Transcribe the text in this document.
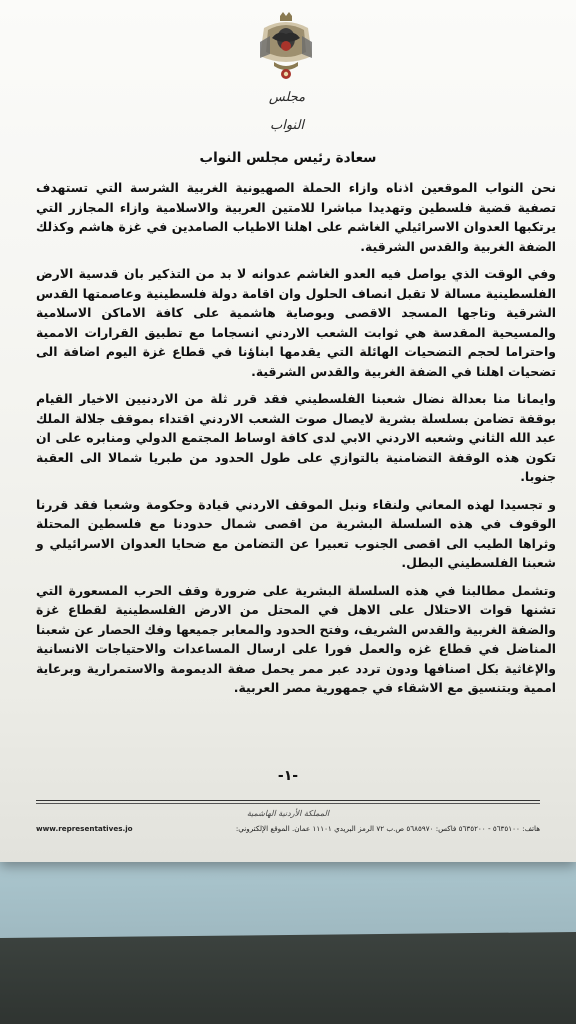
مجلس النواب
سعادة رئيس مجلس النواب

نحن النواب الموقعين اذناه وازاء الحملة الصهيونية الغربية الشرسة التي تستهدف تصفية قضية فلسطين وتهديدا مباشرا للامتين العربية والاسلامية وازاء المجازر التي يرتكبها العدوان الاسرائيلي الغاشم على اهلنا الاطياب الصامدين في غزة هاشم وكذلك الضفة الغربية والقدس الشرقية.

وفي الوقت الذي يواصل فيه العدو الغاشم عدوانه لا بد من التذكير بان قدسية الارض الفلسطينية مسالة لا تقبل انصاف الحلول وان اقامة دولة فلسطينية وعاصمتها القدس الشرقية وتاجها المسجد الاقصى وبوصاية هاشمية على كافة الاماكن الاسلامية والمسيحية المقدسة هي ثوابت الشعب الاردني انسجاما مع تطبيق القرارات الاممية واحتراما لحجم التضحيات الهائلة التي يقدمها ابناؤنا في قطاع غزة اليوم اضافة الى تضحيات اهلنا في الضفة الغربية والقدس الشرقية.

وايمانا منا بعدالة نضال شعبنا الفلسطيني فقد قرر ثلة من الاردنيين الاخيار القيام بوقفة تضامن بسلسلة بشرية لايصال صوت الشعب الاردني اقتداء بموقف جلالة الملك عبد الله الثاني وشعبه الاردني الابي لدى كافة اوساط المجتمع الدولي ومنابره على ان تكون هذه الوقفة التضامنية بالتوازي على طول الحدود من طبريا شمالا الى العقبة جنوبا.

و تجسيدا لهذه المعاني ولنقاء ونبل الموقف الاردني قيادة وحكومة وشعبا فقد قررنا الوقوف في هذه السلسلة البشرية من اقصى شمال حدودنا مع فلسطين المحتلة وثراها الطيب الى اقصى الجنوب تعبيرا عن التضامن مع ضحايا العدوان الاسرائيلي و شعبنا الفلسطيني البطل.

وتشمل مطالبنا في هذه السلسلة البشرية على ضرورة وقف الحرب المسعورة التي تشنها قوات الاحتلال على الاهل في المحتل من الارض الفلسطينية لقطاع غزة والضفة الغربية والقدس الشريف، وفتح الحدود والمعابر جميعها وفك الحصار عن شعبنا المناضل في قطاع غزه والعمل فورا على ارسال المساعدات والاحتياجات الانسانية والإغاثية بكل اصنافها ودون تردد عبر ممر يحمل صفة الديمومة والاستمرارية وبرعاية اممية وبتنسيق مع الاشقاء في جمهورية مصر العربية.

-١-
المملكة الأردنية الهاشمية
هاتف: ٥٦٣٥١٠٠ - ٥٦٣٥٢٠٠ فاكس: ٥٦٨٥٩٧٠ ص.ب ٧٢ الرمز البريدي ١١١٠١ عمان. الموقع الإلكتروني:
www.representatives.jo
